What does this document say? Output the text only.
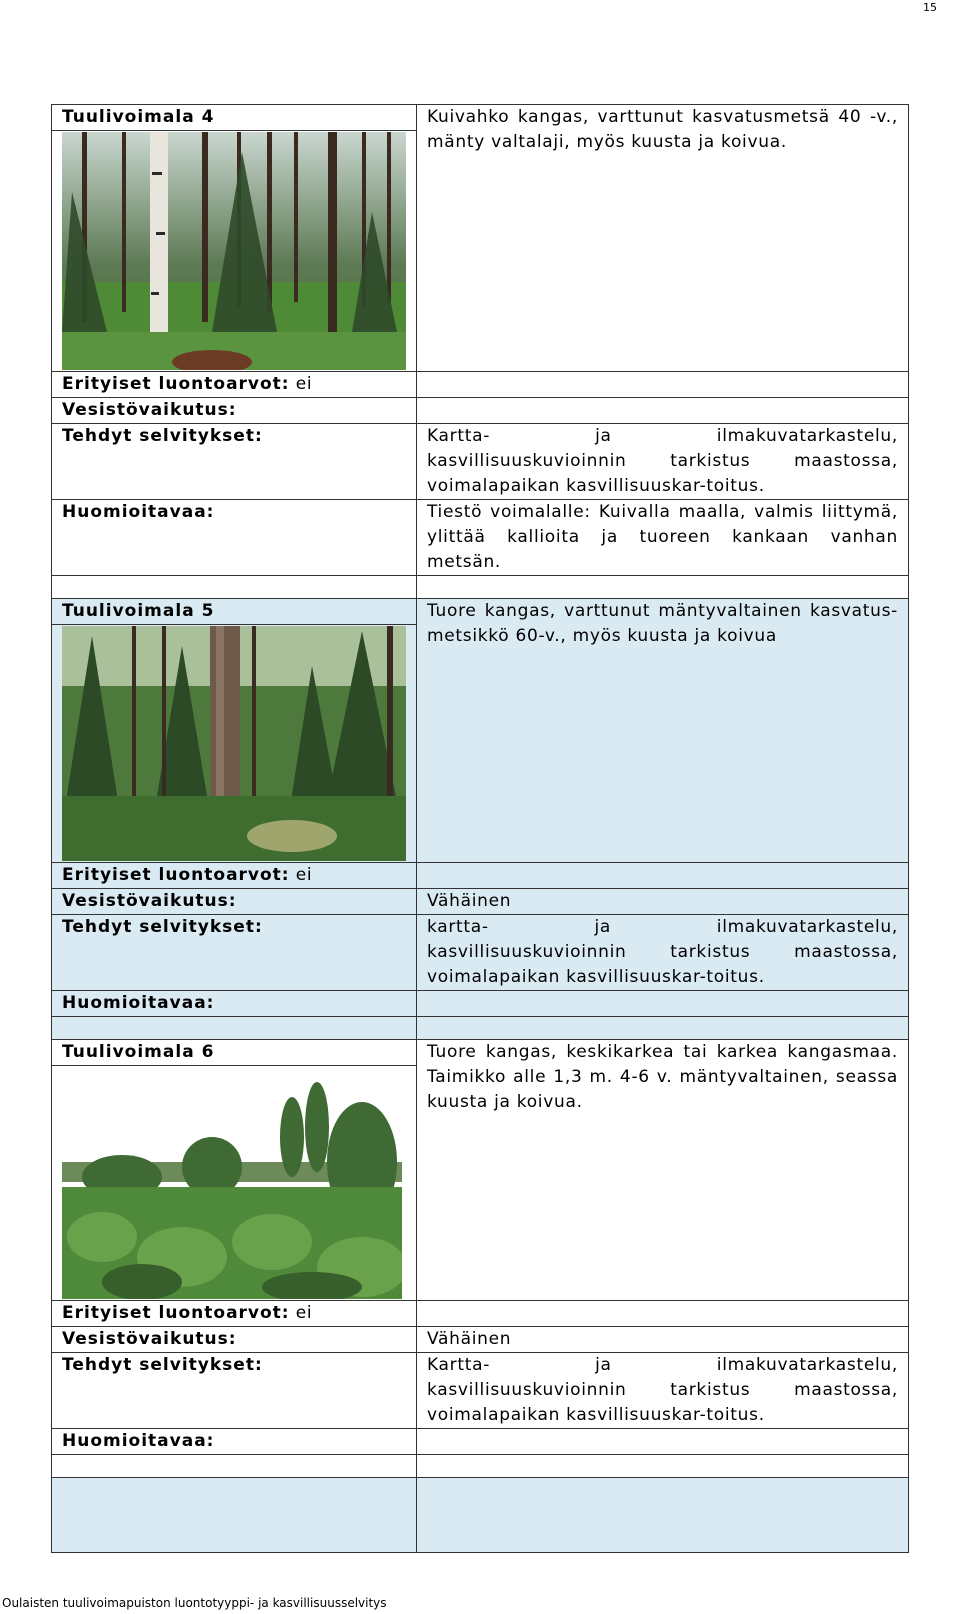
15
Tuulivoimala 4	Kuivahko kangas, varttunut kasvatusmetsä 40 -v., mänty valtalaji, myös kuusta ja koivua.

Erityiset luontoarvot: ei	
Vesistövaikutus:	
Tehdyt selvitykset:	Kartta- ja ilmakuvatarkastelu, kasvillisuuskuvioinnin tarkistus maastossa, voimalapaikan kasvillisuuskar-toitus.
Huomioitavaa:	Tiestö voimalalle: Kuivalla maalla, valmis liittymä, ylittää kallioita ja tuoreen kankaan vanhan metsän.

Tuulivoimala 5	Tuore kangas, varttunut mäntyvaltainen kasvatus-metsikkö 60-v., myös kuusta ja koivua

Erityiset luontoarvot: ei	
Vesistövaikutus:	Vähäinen
Tehdyt selvitykset:	kartta- ja ilmakuvatarkastelu, kasvillisuuskuvioinnin tarkistus maastossa, voimalapaikan kasvillisuuskar-toitus.
Huomioitavaa:	

Tuulivoimala 6	Tuore kangas, keskikarkea tai karkea kangasmaa. Taimikko alle 1,3 m. 4-6 v. mäntyvaltainen, seassa kuusta ja koivua.

Erityiset luontoarvot: ei	
Vesistövaikutus:	Vähäinen
Tehdyt selvitykset:	Kartta- ja ilmakuvatarkastelu, kasvillisuuskuvioinnin tarkistus maastossa, voimalapaikan kasvillisuuskar-toitus.
Huomioitavaa:	

Oulaisten tuulivoimapuiston luontotyyppi- ja kasvillisuusselvitys
